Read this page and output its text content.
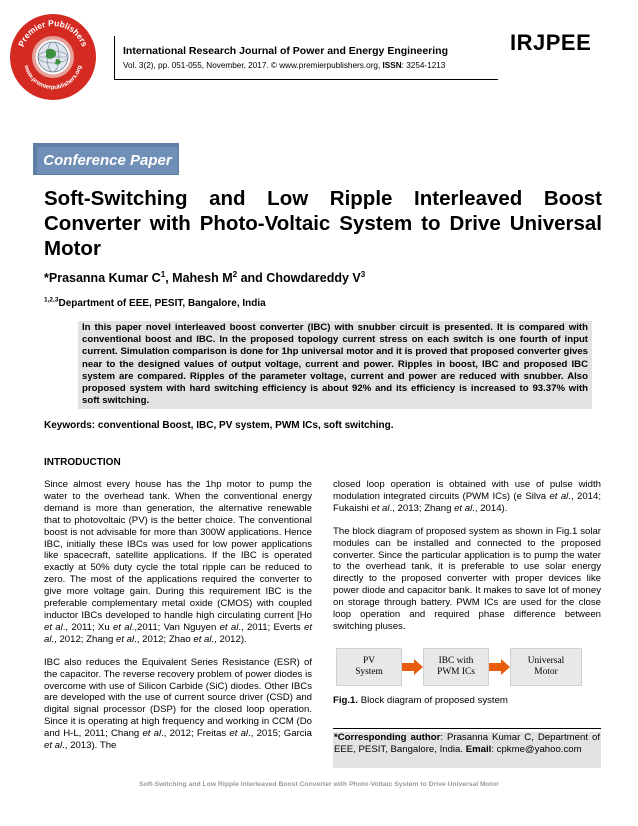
Premier Publishers
www.premierpublishers.org
International Research Journal of Power and Energy Engineering
Vol. 3(2), pp. 051-055, November, 2017. © www.premierpublishers.org, ISSN: 3254-1213
IRJPEE
Conference Paper
Soft-Switching and Low Ripple Interleaved Boost Converter with Photo-Voltaic System to Drive Universal Motor
*Prasanna Kumar $C^1$, Mahesh $M^2$ and Chowdareddy $V^3$
$^{1,2,3}$Department of EEE, PESIT, Bangalore, India
In this paper novel interleaved boost converter (IBC) with snubber circuit is presented. It is compared with conventional boost and IBC. In the proposed topology current stress on each switch is one fourth of input current. Simulation comparison is done for 1hp universal motor and it is proved that proposed converter gives near to the designed values of output voltage, current and power. Ripples in boost, IBC and proposed IBC system are compared. Ripples of the parameter voltage, current and power are reduced with snubber. Also proposed system with hard switching efficiency is about 92% and its efficiency is increased to 93.37% with soft switching.
Keywords: conventional Boost, IBC, PV system, PWM ICs, soft switching.
INTRODUCTION

Since almost every house has the 1hp motor to pump the water to the overhead tank. When the conventional energy demand is more than generation, the alternative renewable that to photovoltaic (PV) is the better choice. The conventional boost is not advisable for more than 300W applications. Hence IBC, initially these IBCs was used for low power applications like spacecraft, satellite applications. If the IBC is operated exactly at 50% duty cycle the total ripple can be reduced to zero. The most of the applications required the converter to give more voltage gain. During this requirement IBC is the preferable complementary metal oxide (CMOS) with coupled inductor IBCs developed to handle high circulating current [Ho et al., 2011; Xu et al.,2011; Van Nguyen et al., 2011; Everts et al., 2012; Zhang et al., 2012; Zhao et al., 2012).

IBC also reduces the Equivalent Series Resistance (ESR) of the capacitor. The reverse recovery problem of power diodes is overcome with use of Silicon Carbide (SiC) diodes. Other IBCs are developed with the use of current source driver (CSD) and digital signal processor (DSP) for the closed loop operation. Since it is operating at high frequency and working in CCM (Do and H-L, 2011; Chang et al., 2012; Freitas et al., 2015; Garcia et al., 2013). The

closed loop operation is obtained with use of pulse width modulation integrated circuits (PWM ICs) (e Silva et al., 2014; Fukaishi et al., 2013; Zhang et al., 2014).

The block diagram of proposed system as shown in Fig.1 solar modules can be installed and connected to the proposed converter. Since the particular application is to pump the water to the overhead tank, it is preferable to use solar energy directly to the proposed converter with proper devices like power diode and capacitor bank. It makes to save lot of money on storage through battery. PWM ICs are used for the close loop operation and required phase difference between switching pluses.

PV
System
IBC with
PWM ICs
Universal
Motor
Fig.1. Block diagram of proposed system
*Corresponding author: Prasanna Kumar C, Department of EEE, PESIT, Bangalore, India. Email: cpkme@yahoo.com
Soft-Switching and Low Ripple Interleaved Boost Converter with Photo-Voltaic System to Drive Universal Motor
